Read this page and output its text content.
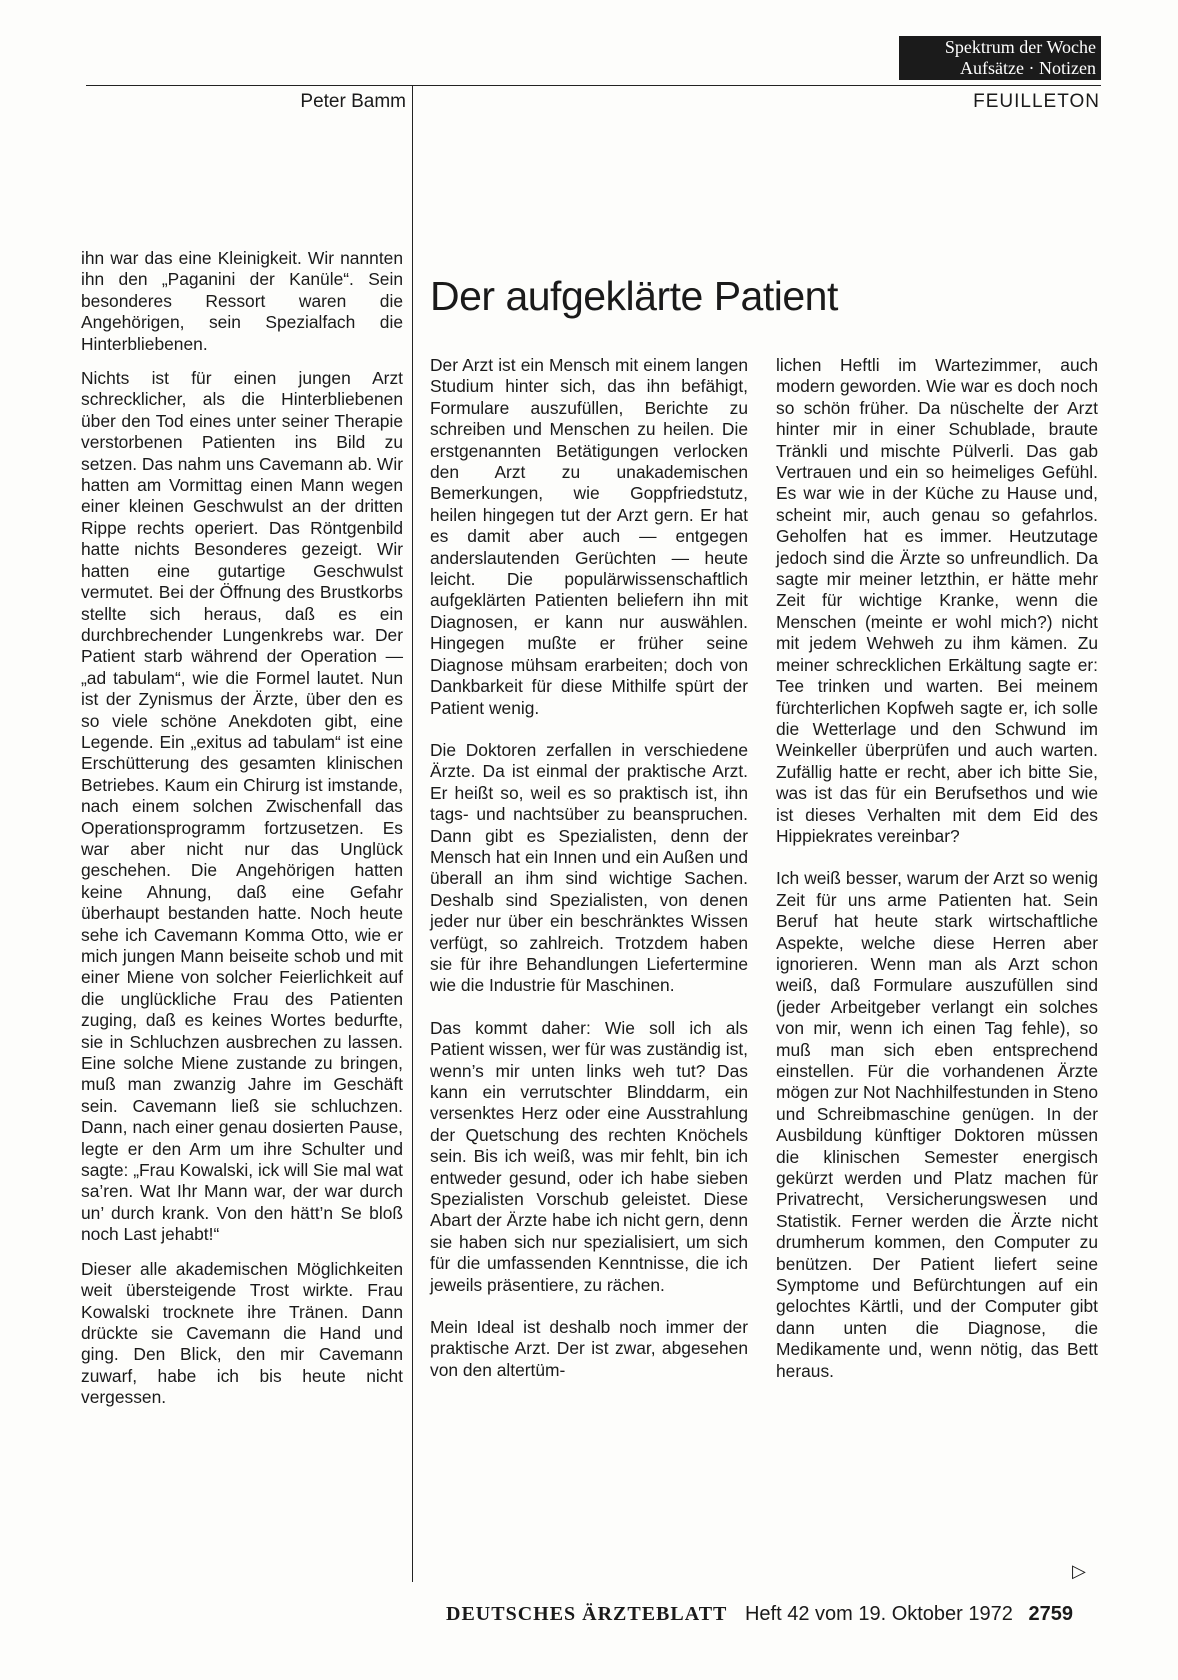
Spektrum der Woche
Aufsätze · Notizen
Peter Bamm	FEUILLETON
Der aufgeklärte Patient

ihn war das eine Kleinigkeit. Wir nannten ihn den „Paganini der Kanüle“. Sein besonderes Ressort waren die Angehörigen, sein Spezialfach die Hinterbliebenen.

Nichts ist für einen jungen Arzt schrecklicher, als die Hinterbliebenen über den Tod eines unter seiner Therapie verstorbenen Patienten ins Bild zu setzen. Das nahm uns Cavemann ab. Wir hatten am Vormittag einen Mann wegen einer kleinen Geschwulst an der dritten Rippe rechts operiert. Das Röntgenbild hatte nichts Besonderes gezeigt. Wir hatten eine gutartige Geschwulst vermutet. Bei der Öffnung des Brustkorbs stellte sich heraus, daß es ein durchbrechender Lungenkrebs war. Der Patient starb während der Operation — „ad tabulam“, wie die Formel lautet. Nun ist der Zynismus der Ärzte, über den es so viele schöne Anekdoten gibt, eine Legende. Ein „exitus ad tabulam“ ist eine Erschütterung des gesamten klinischen Betriebes. Kaum ein Chirurg ist imstande, nach einem solchen Zwischenfall das Operationsprogramm fortzusetzen. Es war aber nicht nur das Unglück geschehen. Die Angehörigen hatten keine Ahnung, daß eine Gefahr überhaupt bestanden hatte. Noch heute sehe ich Cavemann Komma Otto, wie er mich jungen Mann beiseite schob und mit einer Miene von solcher Feierlichkeit auf die unglückliche Frau des Patienten zuging, daß es keines Wortes bedurfte, sie in Schluchzen ausbrechen zu lassen. Eine solche Miene zustande zu bringen, muß man zwanzig Jahre im Geschäft sein. Cavemann ließ sie schluchzen. Dann, nach einer genau dosierten Pause, legte er den Arm um ihre Schulter und sagte: „Frau Kowalski, ick will Sie mal wat sa’ren. Wat Ihr Mann war, der war durch un’ durch krank. Von den hätt’n Se bloß noch Last jehabt!“

Dieser alle akademischen Möglichkeiten weit übersteigende Trost wirkte. Frau Kowalski trocknete ihre Tränen. Dann drückte sie Cavemann die Hand und ging. Den Blick, den mir Cavemann zuwarf, habe ich bis heute nicht vergessen.

Der Arzt ist ein Mensch mit einem langen Studium hinter sich, das ihn befähigt, Formulare auszufüllen, Berichte zu schreiben und Menschen zu heilen. Die erstgenannten Betätigungen verlocken den Arzt zu unakademischen Bemerkungen, wie Goppfriedstutz, heilen hingegen tut der Arzt gern. Er hat es damit aber auch — entgegen anderslautenden Gerüchten — heute leicht. Die populärwissenschaftlich aufgeklärten Patienten beliefern ihn mit Diagnosen, er kann nur auswählen. Hingegen mußte er früher seine Diagnose mühsam erarbeiten; doch von Dankbarkeit für diese Mithilfe spürt der Patient wenig.

Die Doktoren zerfallen in verschiedene Ärzte. Da ist einmal der praktische Arzt. Er heißt so, weil es so praktisch ist, ihn tags- und nachtsüber zu beanspruchen. Dann gibt es Spezialisten, denn der Mensch hat ein Innen und ein Außen und überall an ihm sind wichtige Sachen. Deshalb sind Spezialisten, von denen jeder nur über ein beschränktes Wissen verfügt, so zahlreich. Trotzdem haben sie für ihre Behandlungen Liefertermine wie die Industrie für Maschinen.

Das kommt daher: Wie soll ich als Patient wissen, wer für was zuständig ist, wenn’s mir unten links weh tut? Das kann ein verrutschter Blinddarm, ein versenktes Herz oder eine Ausstrahlung der Quetschung des rechten Knöchels sein. Bis ich weiß, was mir fehlt, bin ich entweder gesund, oder ich habe sieben Spezialisten Vorschub geleistet. Diese Abart der Ärzte habe ich nicht gern, denn sie haben sich nur spezialisiert, um sich für die umfassenden Kenntnisse, die ich jeweils präsentiere, zu rächen.

Mein Ideal ist deshalb noch immer der praktische Arzt. Der ist zwar, abgesehen von den altertüm-

lichen Heftli im Wartezimmer, auch modern geworden. Wie war es doch noch so schön früher. Da nüschelte der Arzt hinter mir in einer Schublade, braute Tränkli und mischte Pülverli. Das gab Vertrauen und ein so heimeliges Gefühl. Es war wie in der Küche zu Hause und, scheint mir, auch genau so gefahrlos. Geholfen hat es immer. Heutzutage jedoch sind die Ärzte so unfreundlich. Da sagte mir meiner letzthin, er hätte mehr Zeit für wichtige Kranke, wenn die Menschen (meinte er wohl mich?) nicht mit jedem Wehweh zu ihm kämen. Zu meiner schrecklichen Erkältung sagte er: Tee trinken und warten. Bei meinem fürchterlichen Kopfweh sagte er, ich solle die Wetterlage und den Schwund im Weinkeller überprüfen und auch warten. Zufällig hatte er recht, aber ich bitte Sie, was ist das für ein Berufsethos und wie ist dieses Verhalten mit dem Eid des Hippiekrates vereinbar?

Ich weiß besser, warum der Arzt so wenig Zeit für uns arme Patienten hat. Sein Beruf hat heute stark wirtschaftliche Aspekte, welche diese Herren aber ignorieren. Wenn man als Arzt schon weiß, daß Formulare auszufüllen sind (jeder Arbeitgeber verlangt ein solches von mir, wenn ich einen Tag fehle), so muß man sich eben entsprechend einstellen. Für die vorhandenen Ärzte mögen zur Not Nachhilfestunden in Steno und Schreibmaschine genügen. In der Ausbildung künftiger Doktoren müssen die klinischen Semester energisch gekürzt werden und Platz machen für Privatrecht, Versicherungswesen und Statistik. Ferner werden die Ärzte nicht drumherum kommen, den Computer zu benützen. Der Patient liefert seine Symptome und Befürchtungen auf ein gelochtes Kärtli, und der Computer gibt dann unten die Diagnose, die Medikamente und, wenn nötig, das Bett heraus.

▷
DEUTSCHES ÄRZTEBLATT Heft 42 vom 19. Oktober 1972 2759
